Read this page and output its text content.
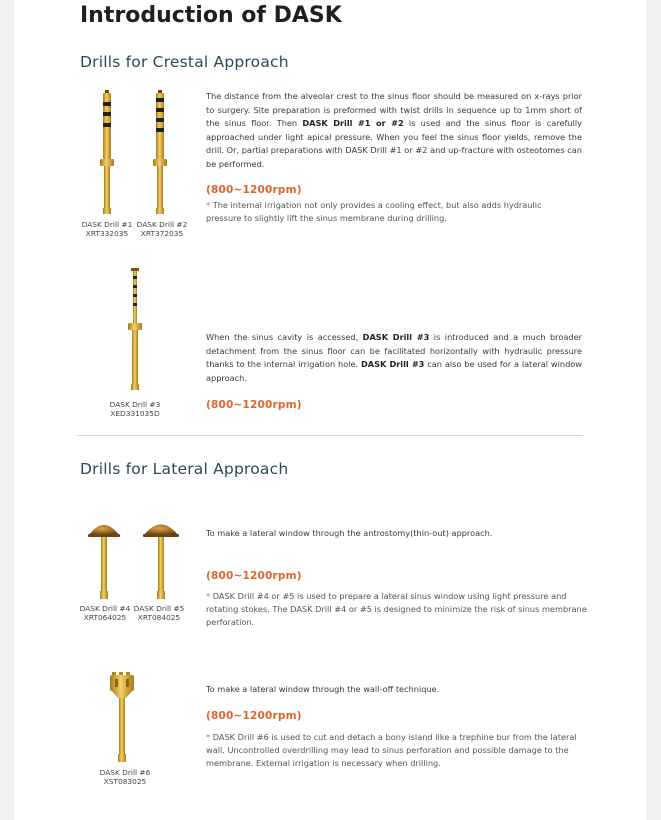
Introduction of DASK
Drills for Crestal Approach
DASK Drill #1
XRT332035
DASK Drill #2
XRT372035
The distance from the alveolar crest to the sinus floor should be measured on x-rays prior to surgery. Site preparation is preformed with twist drills in sequence up to 1mm short of the sinus floor. Then DASK Drill #1 or #2 is used and the sinus floor is carefully approached under light apical pressure. When you feel the sinus floor yields, remove the drill. Or, partial preparations with DASK Drill #1 or #2 and up-fracture with osteotomes can be performed.
(800~1200rpm)
* The internal irrigation not only provides a cooling effect, but also adds hydraulic pressure to slightly lift the sinus membrane during drilling.
DASK Drill #3
XED331035D
When the sinus cavity is accessed, DASK Drill #3 is introduced and a much broader detachment from the sinus floor can be facilitated horizontally with hydraulic pressure thanks to the internal irrigation hole. DASK Drill #3 can also be used for a lateral window approach.
(800~1200rpm)
Drills for Lateral Approach
DASK Drill #4
XRT064025
DASK Drill #5
XRT084025
To make a lateral window through the antrostomy(thin-out) approach.
(800~1200rpm)
* DASK Drill #4 or #5 is used to prepare a lateral sinus window using light pressure and rotating stokes. The DASK Drill #4 or #5 is designed to minimize the risk of sinus membrane perforation.
DASK Drill #6
XST083025
To make a lateral window through the wall-off technique.
(800~1200rpm)
* DASK Drill #6 is used to cut and detach a bony island like a trephine bur from the lateral wall. Uncontrolled overdrilling may lead to sinus perforation and possible damage to the membrane. External irrigation is necessary when drilling.
